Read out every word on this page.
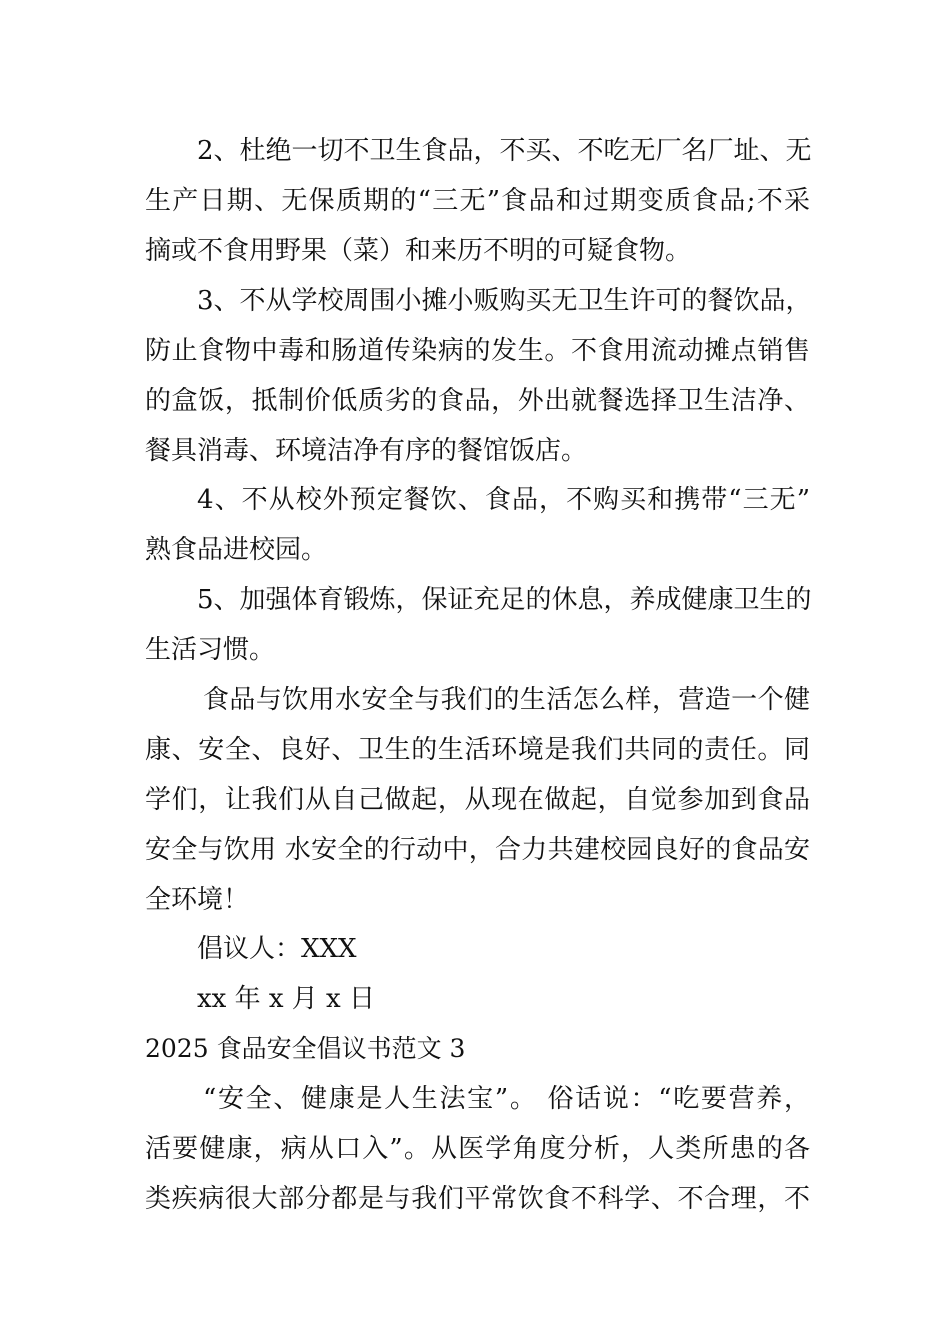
2、杜绝一切不卫生食品，不买、不吃无厂名厂址、无
生产日期、无保质期的“三无”食品和过期变质食品;不采
摘或不食用野果（菜）和来历不明的可疑食物。
3、不从学校周围小摊小贩购买无卫生许可的餐饮品，
防止食物中毒和肠道传染病的发生。不食用流动摊点销售
的盒饭，抵制价低质劣的食品，外出就餐选择卫生洁净、
餐具消毒、环境洁净有序的餐馆饭店。
4、不从校外预定餐饮、食品，不购买和携带“三无”
熟食品进校园。
5、加强体育锻炼，保证充足的休息，养成健康卫生的
生活习惯。
食品与饮用水安全与我们的生活怎么样，营造一个健
康、安全、良好、卫生的生活环境是我们共同的责任。同
学们，让我们从自己做起，从现在做起，自觉参加到食品
安全与饮用 水安全的行动中，合力共建校园良好的食品安
全环境！
倡议人：XXX
xx 年 x 月 x 日
2025 食品安全倡议书范文 3
“安全、健康是人生法宝”。 俗话说：“吃要营养，
活要健康，病从口入”。从医学角度分析，人类所患的各
类疾病很大部分都是与我们平常饮食不科学、不合理，不
